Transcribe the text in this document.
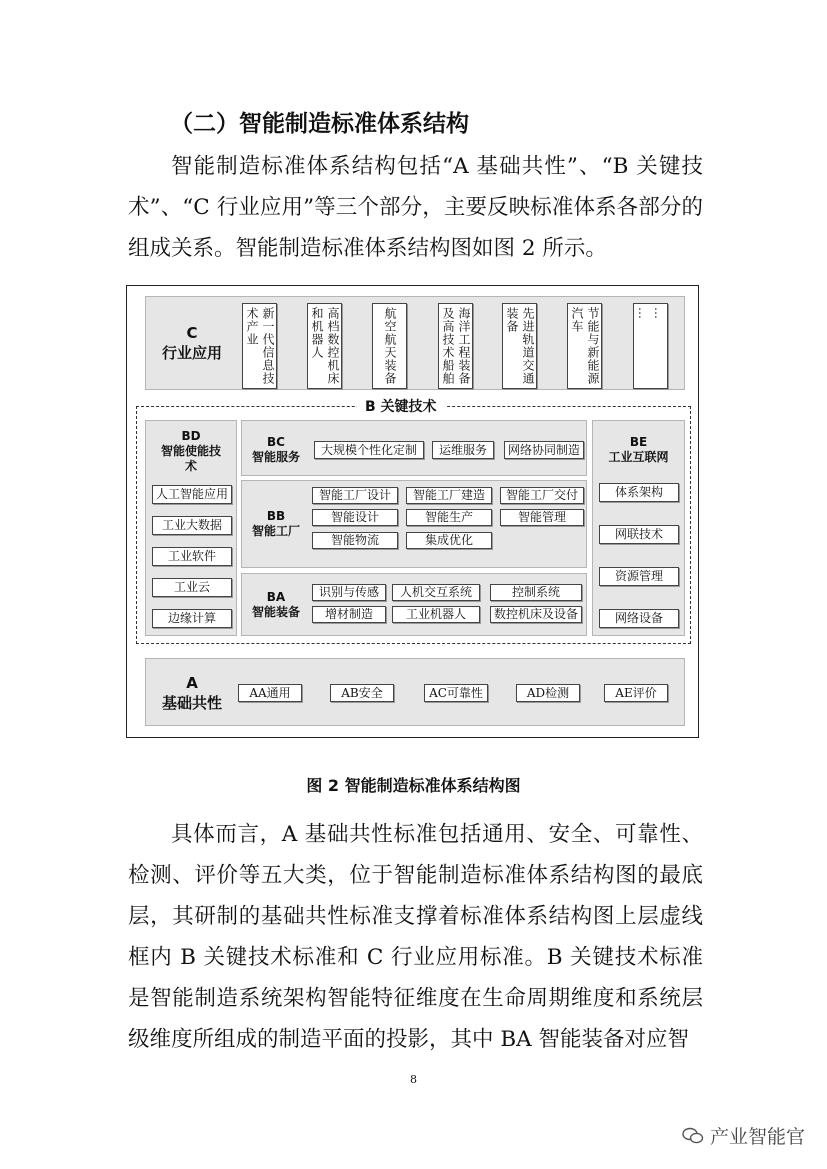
（二）智能制造标准体系结构

智能制造标准体系结构包括“A 基础共性”、“B 关键技术”、“C 行业应用”等三个部分，主要反映标准体系各部分的组成关系。智能制造标准体系结构图如图 2 所示。

C
行业应用	新一代信息技
术产业	高档数控机床
和机器人	航空航天装备	海洋工程装备
及高技术船舶	先进轨道交通
装备	节能与新能源
汽车	…
…
B 关键技术
BD
智能使能技术
人工智能应用
工业大数据
工业软件
工业云
边缘计算
BC
智能服务	大规模个性化定制	运维服务	网络协同制造
BB
智能工厂
智能工厂设计	智能工厂建造	智能工厂交付
智能设计	智能生产	智能管理
智能物流	集成优化
BA
智能装备
识别与传感	人机交互系统	控制系统
增材制造	工业机器人	数控机床及设备
BE
工业互联网
体系架构
网联技术
资源管理
网络设备
A
基础共性
AA通用	AB安全	AC可靠性	AD检测	AE评价
图 2 智能制造标准体系结构图

具体而言，A 基础共性标准包括通用、安全、可靠性、检测、评价等五大类，位于智能制造标准体系结构图的最底层，其研制的基础共性标准支撑着标准体系结构图上层虚线框内 B 关键技术标准和 C 行业应用标准。B 关键技术标准是智能制造系统架构智能特征维度在生命周期维度和系统层级维度所组成的制造平面的投影，其中 BA 智能装备对应智

8
产业智能官
